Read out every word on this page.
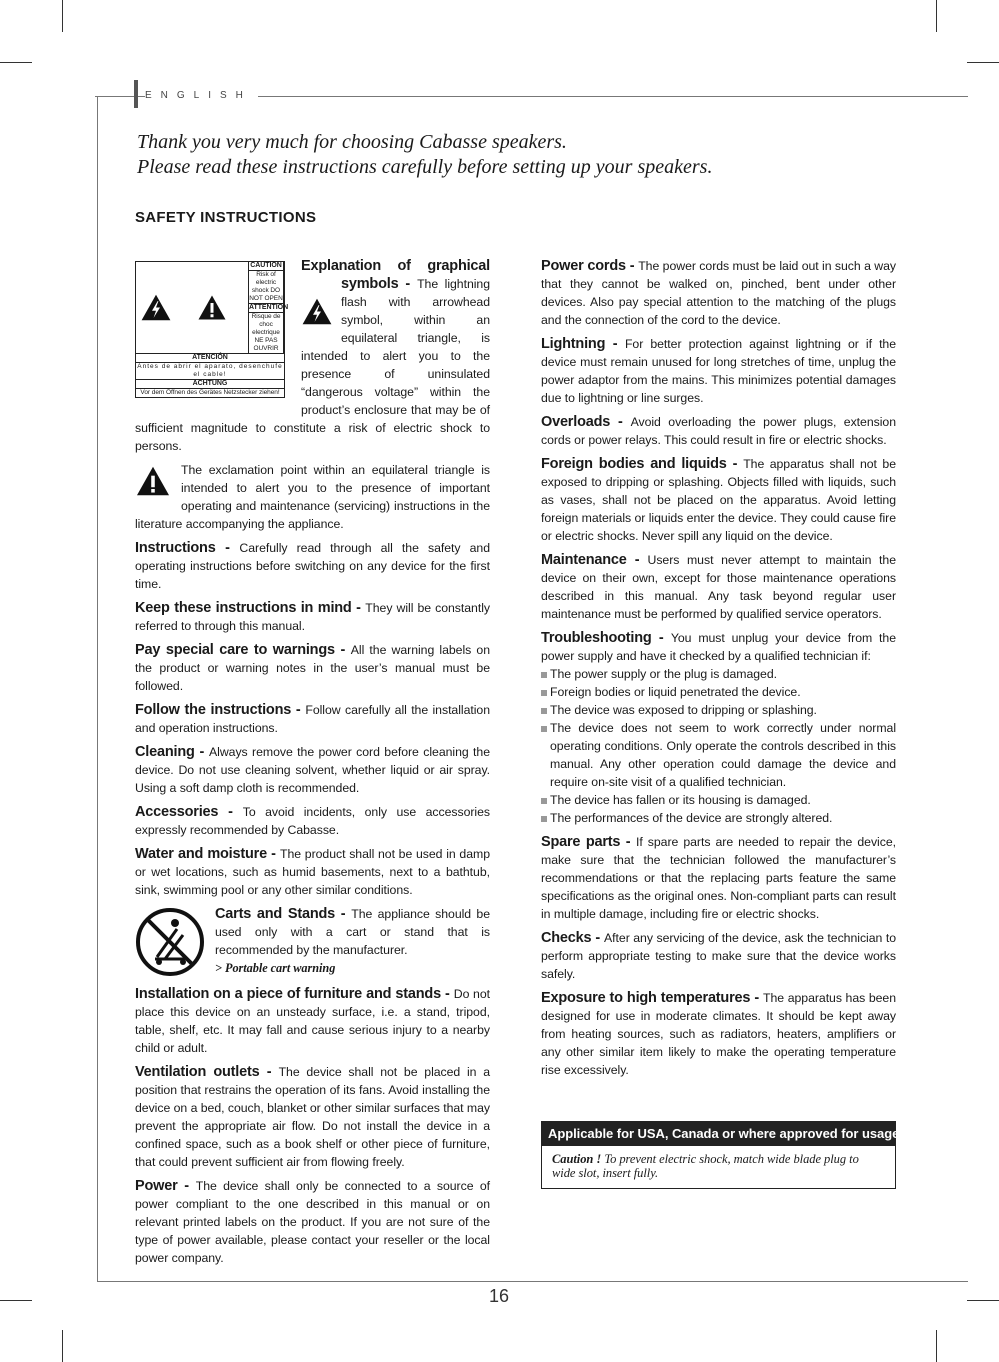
ENGLISH
Thank you very much for choosing Cabasse speakers.
Please read these instructions carefully before setting up your speakers.
SAFETY INSTRUCTIONS

CAUTION
Risk of electric shock DO NOT OPEN
ATTENTION
Risque de choc electrique NE PAS OUVRIR
ATENCIÓN
Antes de abrir el aparato, desenchufe el cable!
ACHTUNG
Vor dem Öffnen des Gerätes Netzstecker ziehen!
Explanation of graphical symbols -
The lightning flash with arrowhead symbol, within an equilateral triangle, is intended to alert you to the presence of uninsulated “dangerous voltage” within the product’s enclosure that may be of sufficient magnitude to constitute a risk of electric shock to persons.

The exclamation point within an equilateral triangle is intended to alert you to the presence of important operating and maintenance (servicing) instructions in the literature accompanying the appliance.

Instructions - Carefully read through all the safety and operating instructions before switching on any device for the first time.

Keep these instructions in mind - They will be constantly referred to through this manual.

Pay special care to warnings - All the warning labels on the product or warning notes in the user’s manual must be followed.

Follow the instructions - Follow carefully all the installation and operation instructions.

Cleaning - Always remove the power cord before cleaning the device. Do not use cleaning solvent, whether liquid or air spray. Using a soft damp cloth is recommended.

Accessories - To avoid incidents, only use accessories expressly recommended by Cabasse.

Water and moisture - The product shall not be used in damp or wet locations, such as humid basements, next to a bathtub, sink, swimming pool or any other similar conditions.

Carts and Stands - The appliance should be used only with a cart or stand that is recommended by the manufacturer.
> Portable cart warning

Installation on a piece of furniture and stands - Do not place this device on an unsteady surface, i.e. a stand, tripod, table, shelf, etc. It may fall and cause serious injury to a nearby child or adult.

Ventilation outlets - The device shall not be placed in a position that restrains the operation of its fans. Avoid installing the device on a bed, couch, blanket or other similar surfaces that may prevent the appropriate air flow. Do not install the device in a confined space, such as a book shelf or other piece of furniture, that could prevent sufficient air from flowing freely.

Power - The device shall only be connected to a source of power compliant to the one described in this manual or on relevant printed labels on the product. If you are not sure of the type of power available, please contact your reseller or the local power company.

Power cords - The power cords must be laid out in such a way that they cannot be walked on, pinched, bent under other devices. Also pay special attention to the matching of the plugs and the connection of the cord to the device.

Lightning - For better protection against lightning or if the device must remain unused for long stretches of time, unplug the power adaptor from the mains. This minimizes potential damages due to lightning or line surges.

Overloads - Avoid overloading the power plugs, extension cords or power relays. This could result in fire or electric shocks.

Foreign bodies and liquids - The apparatus shall not be exposed to dripping or splashing. Objects filled with liquids, such as vases, shall not be placed on the apparatus. Avoid letting foreign materials or liquids enter the device. They could cause fire or electric shocks. Never spill any liquid on the device.

Maintenance - Users must never attempt to maintain the device on their own, except for those maintenance operations described in this manual. Any task beyond regular user maintenance must be performed by qualified service operators.

Troubleshooting - You must unplug your device from the power supply and have it checked by a qualified technician if:
The power supply or the plug is damaged.
Foreign bodies or liquid penetrated the device.
The device was exposed to dripping or splashing.
The device does not seem to work correctly under normal operating conditions. Only operate the controls described in this manual. Any other operation could damage the device and require on-site visit of a qualified technician.
The device has fallen or its housing is damaged.
The performances of the device are strongly altered.

Spare parts - If spare parts are needed to repair the device, make sure that the technician followed the manufacturer’s recommendations or that the replacing parts feature the same specifications as the original ones. Non-compliant parts can result in multiple damage, including fire or electric shocks.

Checks - After any servicing of the device, ask the technician to perform appropriate testing to make sure that the device works safely.

Exposure to high temperatures - The apparatus has been designed for use in moderate climates. It should be kept away from heating sources, such as radiators, heaters, amplifiers or any other similar item likely to make the operating temperature rise excessively.

Applicable for USA, Canada or where approved for usage
Caution ! To prevent electric shock, match wide blade plug to wide slot, insert fully.
16
